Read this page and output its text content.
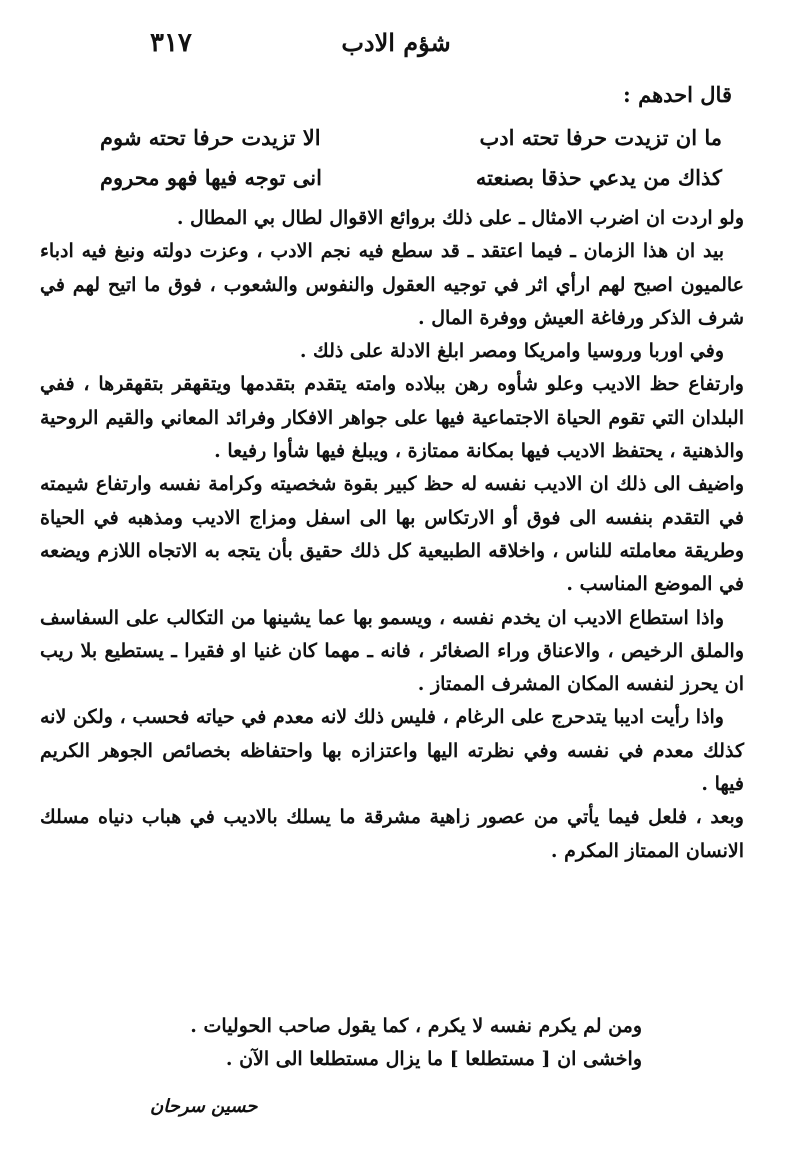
شؤم الادب
٣١٧
قال احدهم :
ما ان تزيدت حرفا تحته ادب
الا تزيدت حرفا تحته شوم
كذاك من يدعي حذقا بصنعته
انى توجه فيها فهو محروم

ولو اردت ان اضرب الامثال ـ على ذلك بروائع الاقوال لطال بي المطال .

بيد ان هذا الزمان ـ فيما اعتقد ـ قد سطع فيه نجم الادب ، وعزت دولته ونبغ فيه ادباء عالميون اصبح لهم ارأي اثر في توجيه العقول والنفوس والشعوب ، فوق ما اتيح لهم في شرف الذكر ورفاغة العيش ووفرة المال .

وفي اوربا وروسيا وامريكا ومصر ابلغ الادلة على ذلك .

وارتفاع حظ الاديب وعلو شأوه رهن ببلاده وامته يتقدم بتقدمها ويتقهقر بتقهقرها ، ففي البلدان التي تقوم الحياة الاجتماعية فيها على جواهر الافكار وفرائد المعاني والقيم الروحية والذهنية ، يحتفظ الاديب فيها بمكانة ممتازة ، ويبلغ فيها شأوا رفيعا .

واضيف الى ذلك ان الاديب نفسه له حظ كبير بقوة شخصيته وكرامة نفسه وارتفاع شيمته في التقدم بنفسه الى فوق أو الارتكاس بها الى اسفل ومزاج الاديب ومذهبه في الحياة وطريقة معاملته للناس ، واخلاقه الطبيعية كل ذلك حقيق بأن يتجه به الاتجاه اللازم ويضعه في الموضع المناسب .

واذا استطاع الاديب ان يخدم نفسه ، ويسمو بها عما يشينها من التكالب على السفاسف والملق الرخيص ، والاعناق وراء الصغائر ، فانه ـ مهما كان غنيا او فقيرا ـ يستطيع بلا ريب ان يحرز لنفسه المكان المشرف الممتاز .

واذا رأيت اديبا يتدحرج على الرغام ، فليس ذلك لانه معدم في حياته فحسب ، ولكن لانه كذلك معدم في نفسه وفي نظرته اليها واعتزازه بها واحتفاظه بخصائص الجوهر الكريم فيها .

وبعد ، فلعل فيما يأتي من عصور زاهية مشرقة ما يسلك بالاديب في هباب دنياه مسلك الانسان الممتاز المكرم .

ومن لم يكرم نفسه لا يكرم ، كما يقول صاحب الحوليات .
واخشى ان [ مستطلعا ] ما يزال مستطلعا الى الآن .
حسين سرحان
